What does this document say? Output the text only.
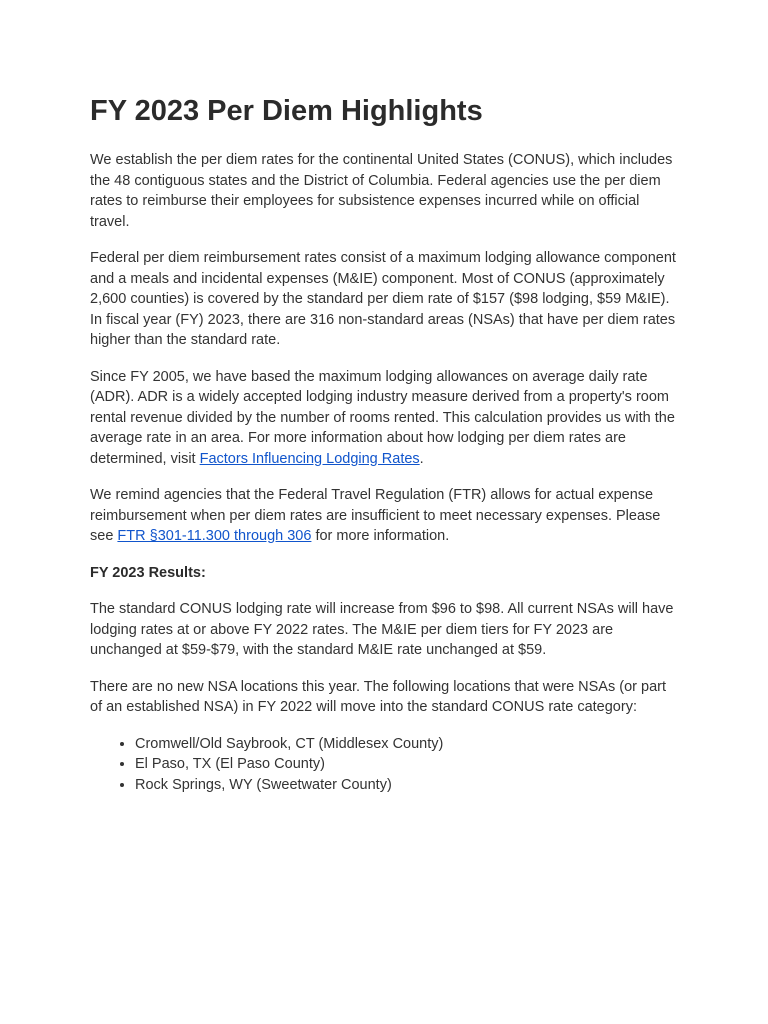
FY 2023 Per Diem Highlights

We establish the per diem rates for the continental United States (CONUS), which includes the 48 contiguous states and the District of Columbia. Federal agencies use the per diem rates to reimburse their employees for subsistence expenses incurred while on official travel.

Federal per diem reimbursement rates consist of a maximum lodging allowance component and a meals and incidental expenses (M&IE) component. Most of CONUS (approximately 2,600 counties) is covered by the standard per diem rate of $157 ($98 lodging, $59 M&IE). In fiscal year (FY) 2023, there are 316 non-standard areas (NSAs) that have per diem rates higher than the standard rate.

Since FY 2005, we have based the maximum lodging allowances on average daily rate (ADR). ADR is a widely accepted lodging industry measure derived from a property's room rental revenue divided by the number of rooms rented. This calculation provides us with the average rate in an area. For more information about how lodging per diem rates are determined, visit Factors Influencing Lodging Rates.

We remind agencies that the Federal Travel Regulation (FTR) allows for actual expense reimbursement when per diem rates are insufficient to meet necessary expenses. Please see FTR §301-11.300 through 306 for more information.

FY 2023 Results:

The standard CONUS lodging rate will increase from $96 to $98. All current NSAs will have lodging rates at or above FY 2022 rates. The M&IE per diem tiers for FY 2023 are unchanged at $59-$79, with the standard M&IE rate unchanged at $59.

There are no new NSA locations this year. The following locations that were NSAs (or part of an established NSA) in FY 2022 will move into the standard CONUS rate category:

• Cromwell/Old Saybrook, CT (Middlesex County)
• El Paso, TX (El Paso County)
• Rock Springs, WY (Sweetwater County)
